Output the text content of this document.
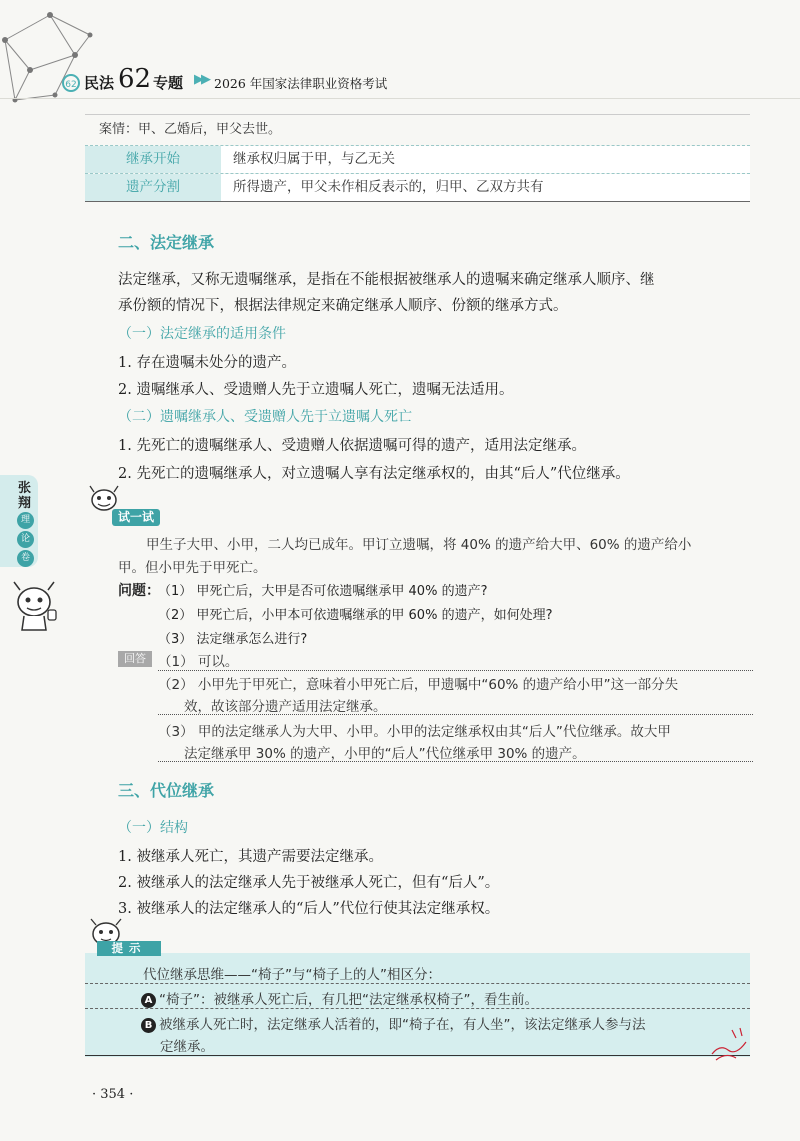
62 民法 62 专题 ▶▶ 2026 年国家法律职业资格考试
案情：甲、乙婚后，甲父去世。
继承开始	继承权归属于甲，与乙无关
遗产分割	所得遗产，甲父未作相反表示的，归甲、乙双方共有
二、法定继承
法定继承，又称无遗嘱继承，是指在不能根据被继承人的遗嘱来确定继承人顺序、继
承份额的情况下，根据法律规定来确定继承人顺序、份额的继承方式。
（一）法定继承的适用条件
1. 存在遗嘱未处分的遗产。
2. 遗嘱继承人、受遗赠人先于立遗嘱人死亡，遗嘱无法适用。
（二）遗嘱继承人、受遗赠人先于立遗嘱人死亡
1. 先死亡的遗嘱继承人、受遗赠人依据遗嘱可得的遗产，适用法定继承。
2. 先死亡的遗嘱继承人，对立遗嘱人享有法定继承权的，由其“后人”代位继承。
张
翔
理
论
卷
试一试
甲生子大甲、小甲，二人均已成年。甲订立遗嘱，将 40% 的遗产给大甲、60% 的遗产给小
甲。但小甲先于甲死亡。
问题：
（1） 甲死亡后，大甲是否可依遗嘱继承甲 40% 的遗产?
（2） 甲死亡后，小甲本可依遗嘱继承的甲 60% 的遗产，如何处理?
（3） 法定继承怎么进行?
回答 （1） 可以。
（2） 小甲先于甲死亡，意味着小甲死亡后，甲遗嘱中“60% 的遗产给小甲”这一部分失
效，故该部分遗产适用法定继承。
（3） 甲的法定继承人为大甲、小甲。小甲的法定继承权由其“后人”代位继承。故大甲
法定继承甲 30% 的遗产，小甲的“后人”代位继承甲 30% 的遗产。
三、代位继承
（一）结构
1. 被继承人死亡，其遗产需要法定继承。
2. 被继承人的法定继承人先于被继承人死亡，但有“后人”。
3. 被继承人的法定继承人的“后人”代位行使其法定继承权。
提示
代位继承思维——“椅子”与“椅子上的人”相区分：
A “椅子”：被继承人死亡后，有几把“法定继承权椅子”，看生前。
B 被继承人死亡时，法定继承人活着的，即“椅子在，有人坐”，该法定继承人参与法
定继承。
· 354 ·
